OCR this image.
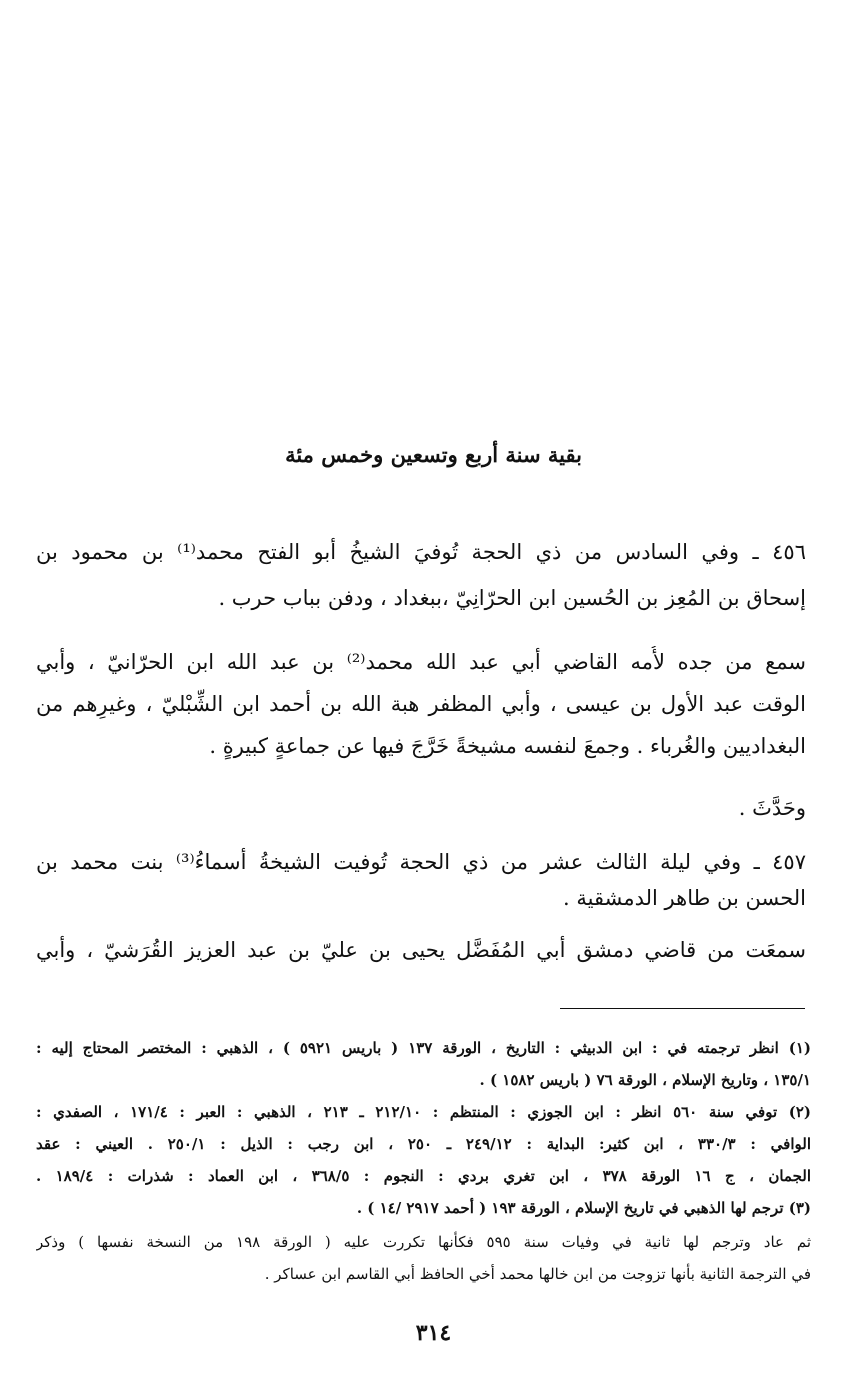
بقية سنة أربع وتسعين وخمس مئة
٤٥٦ ـ وفي السادس من ذي الحجة تُوفيَ الشيخُ أبو الفتح محمد⁽¹⁾ بن محمود بن
إسحاق بن المُعِز بن الحُسين ابن الحرّانِيّ ،ببغداد ، ودفن بباب حرب .
سمع من جده لأُمه القاضي أبي عبد الله محمد⁽²⁾ بن عبد الله ابن الحرّانيّ ، وأبي
الوقت عبد الأول بن عيسى ، وأبي المظفر هبة الله بن أحمد ابن الشِّبْليّ ، وغيرِهم من
البغداديين والغُرباء . وجمعَ لنفسه مشيخةً خَرَّجَ فيها عن جماعةٍ كبيرةٍ .
وحَدَّثَ .
٤٥٧ ـ وفي ليلة الثالث عشر من ذي الحجة تُوفيت الشيخةُ أسماءُ⁽³⁾ بنت محمد بن
الحسن بن طاهر الدمشقية .
سمعَت من قاضي دمشق أبي المُفَضَّل يحيى بن عليّ بن عبد العزيز القُرَشيّ ، وأبي
(١) انظر ترجمته في : ابن الدبيثي : التاريخ ، الورقة ١٣٧ ( باريس ٥٩٢١ ) ، الذهبي : المختصر المحتاج إليه :
١٣٥/١ ، وتاريخ الإسلام ، الورقة ٧٦ ( باريس ١٥٨٢ ) .
(٢) توفي سنة ٥٦٠ انظر : ابن الجوزي : المنتظم : ٢١٢/١٠ ـ ٢١٣ ، الذهبي : العبر : ١٧١/٤ ، الصفدي :
الوافي : ٣٣٠/٣ ، ابن كثير: البداية : ٢٤٩/١٢ ـ ٢٥٠ ، ابن رجب : الذيل : ٢٥٠/١ . العيني : عقد
الجمان ، ج ١٦ الورقة ٣٧٨ ، ابن تغري بردي : النجوم : ٣٦٨/٥ ، ابن العماد : شذرات : ١٨٩/٤ .
(٣) ترجم لها الذهبي في تاريخ الإسلام ، الورقة ١٩٣ ( أحمد ٢٩١٧ /١٤ ) .
ثم عاد وترجم لها ثانية في وفيات سنة ٥٩٥ فكأنها تكررت عليه ( الورقة ١٩٨ من النسخة نفسها ) وذكر
في الترجمة الثانية بأنها تزوجت من ابن خالها محمد أخي الحافظ أبي القاسم ابن عساكر .
٣١٤
